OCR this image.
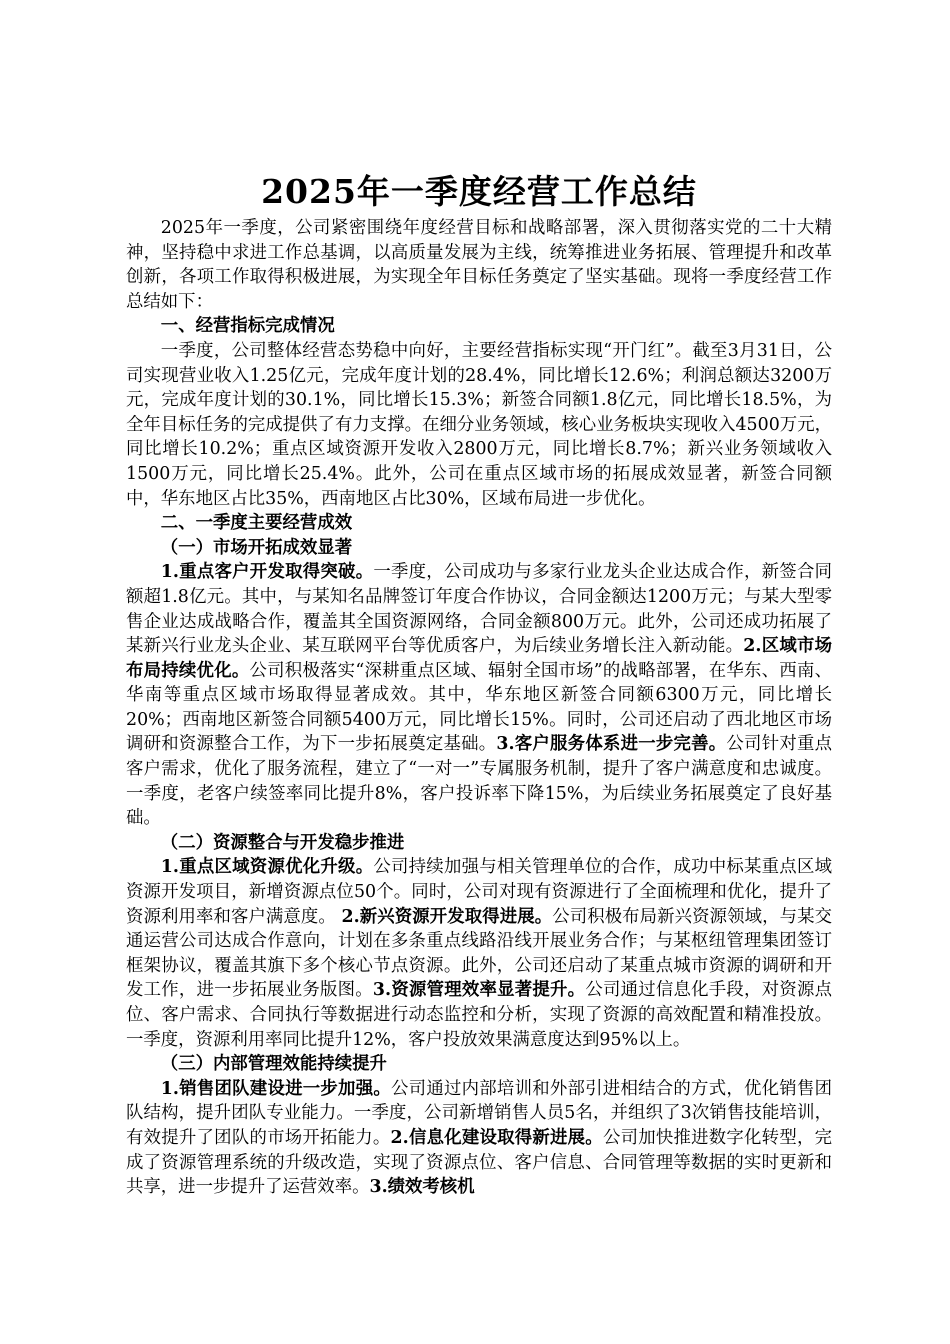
2025年一季度经营工作总结

2025年一季度，公司紧密围绕年度经营目标和战略部署，深入贯彻落实党的二十大精神，坚持稳中求进工作总基调，以高质量发展为主线，统筹推进业务拓展、管理提升和改革创新，各项工作取得积极进展，为实现全年目标任务奠定了坚实基础。现将一季度经营工作总结如下：

一、经营指标完成情况

一季度，公司整体经营态势稳中向好，主要经营指标实现“开门红”。截至3月31日，公司实现营业收入1.25亿元，完成年度计划的28.4%，同比增长12.6%；利润总额达3200万元，完成年度计划的30.1%，同比增长15.3%；新签合同额1.8亿元，同比增长18.5%，为全年目标任务的完成提供了有力支撑。在细分业务领域，核心业务板块实现收入4500万元，同比增长10.2%；重点区域资源开发收入2800万元，同比增长8.7%；新兴业务领域收入1500万元，同比增长25.4%。此外，公司在重点区域市场的拓展成效显著，新签合同额中，华东地区占比35%，西南地区占比30%，区域布局进一步优化。

二、一季度主要经营成效
（一）市场开拓成效显著

1.重点客户开发取得突破。一季度，公司成功与多家行业龙头企业达成合作，新签合同额超1.8亿元。其中，与某知名品牌签订年度合作协议，合同金额达1200万元；与某大型零售企业达成战略合作，覆盖其全国资源网络，合同金额800万元。此外，公司还成功拓展了某新兴行业龙头企业、某互联网平台等优质客户，为后续业务增长注入新动能。2.区域市场布局持续优化。公司积极落实“深耕重点区域、辐射全国市场”的战略部署，在华东、西南、华南等重点区域市场取得显著成效。其中，华东地区新签合同额6300万元，同比增长20%；西南地区新签合同额5400万元，同比增长15%。同时，公司还启动了西北地区市场调研和资源整合工作，为下一步拓展奠定基础。3.客户服务体系进一步完善。公司针对重点客户需求，优化了服务流程，建立了“一对一”专属服务机制，提升了客户满意度和忠诚度。一季度，老客户续签率同比提升8%，客户投诉率下降15%，为后续业务拓展奠定了良好基础。

（二）资源整合与开发稳步推进

1.重点区域资源优化升级。公司持续加强与相关管理单位的合作，成功中标某重点区域资源开发项目，新增资源点位50个。同时，公司对现有资源进行了全面梳理和优化，提升了资源利用率和客户满意度。 2.新兴资源开发取得进展。公司积极布局新兴资源领域，与某交通运营公司达成合作意向，计划在多条重点线路沿线开展业务合作；与某枢纽管理集团签订框架协议，覆盖其旗下多个核心节点资源。此外，公司还启动了某重点城市资源的调研和开发工作，进一步拓展业务版图。3.资源管理效率显著提升。公司通过信息化手段，对资源点位、客户需求、合同执行等数据进行动态监控和分析，实现了资源的高效配置和精准投放。一季度，资源利用率同比提升12%，客户投放效果满意度达到95%以上。

（三）内部管理效能持续提升

1.销售团队建设进一步加强。公司通过内部培训和外部引进相结合的方式，优化销售团队结构，提升团队专业能力。一季度，公司新增销售人员5名，并组织了3次销售技能培训，有效提升了团队的市场开拓能力。2.信息化建设取得新进展。公司加快推进数字化转型，完成了资源管理系统的升级改造，实现了资源点位、客户信息、合同管理等数据的实时更新和共享，进一步提升了运营效率。3.绩效考核机
